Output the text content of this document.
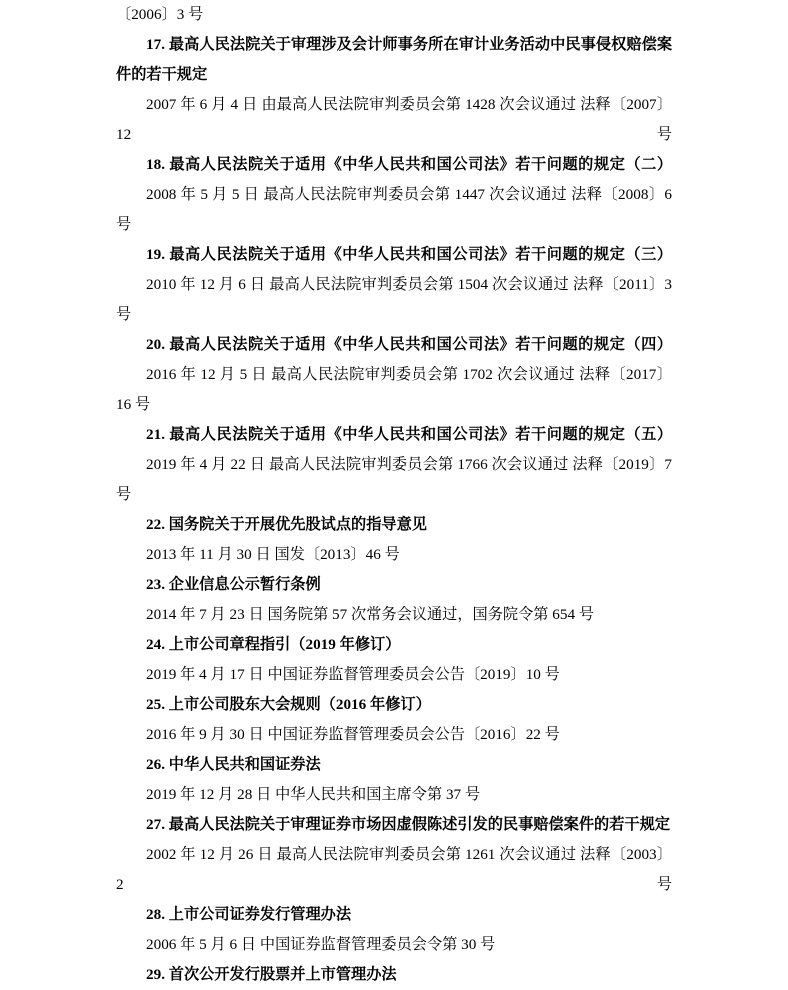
〔2006〕3 号

17. 最高人民法院关于审理涉及会计师事务所在审计业务活动中民事侵权赔偿案件的若干规定

2007 年 6 月 4 日 由最高人民法院审判委员会第 1428 次会议通过 法释〔2007〕12 号

18. 最高人民法院关于适用《中华人民共和国公司法》若干问题的规定（二）

2008 年 5 月 5 日 最高人民法院审判委员会第 1447 次会议通过 法释〔2008〕6 号

19. 最高人民法院关于适用《中华人民共和国公司法》若干问题的规定（三）

2010 年 12 月 6 日 最高人民法院审判委员会第 1504 次会议通过 法释〔2011〕3 号

20. 最高人民法院关于适用《中华人民共和国公司法》若干问题的规定（四）

2016 年 12 月 5 日 最高人民法院审判委员会第 1702 次会议通过 法释〔2017〕16 号

21. 最高人民法院关于适用《中华人民共和国公司法》若干问题的规定（五）

2019 年 4 月 22 日 最高人民法院审判委员会第 1766 次会议通过 法释〔2019〕7 号

22. 国务院关于开展优先股试点的指导意见

2013 年 11 月 30 日 国发〔2013〕46 号

23. 企业信息公示暂行条例

2014 年 7 月 23 日 国务院第 57 次常务会议通过，国务院令第 654 号

24. 上市公司章程指引（2019 年修订）

2019 年 4 月 17 日 中国证券监督管理委员会公告〔2019〕10 号

25. 上市公司股东大会规则（2016 年修订）

2016 年 9 月 30 日 中国证券监督管理委员会公告〔2016〕22 号

26. 中华人民共和国证券法

2019 年 12 月 28 日 中华人民共和国主席令第 37 号

27. 最高人民法院关于审理证券市场因虚假陈述引发的民事赔偿案件的若干规定

2002 年 12 月 26 日 最高人民法院审判委员会第 1261 次会议通过 法释〔2003〕2 号

28. 上市公司证券发行管理办法

2006 年 5 月 6 日 中国证券监督管理委员会令第 30 号

29. 首次公开发行股票并上市管理办法
